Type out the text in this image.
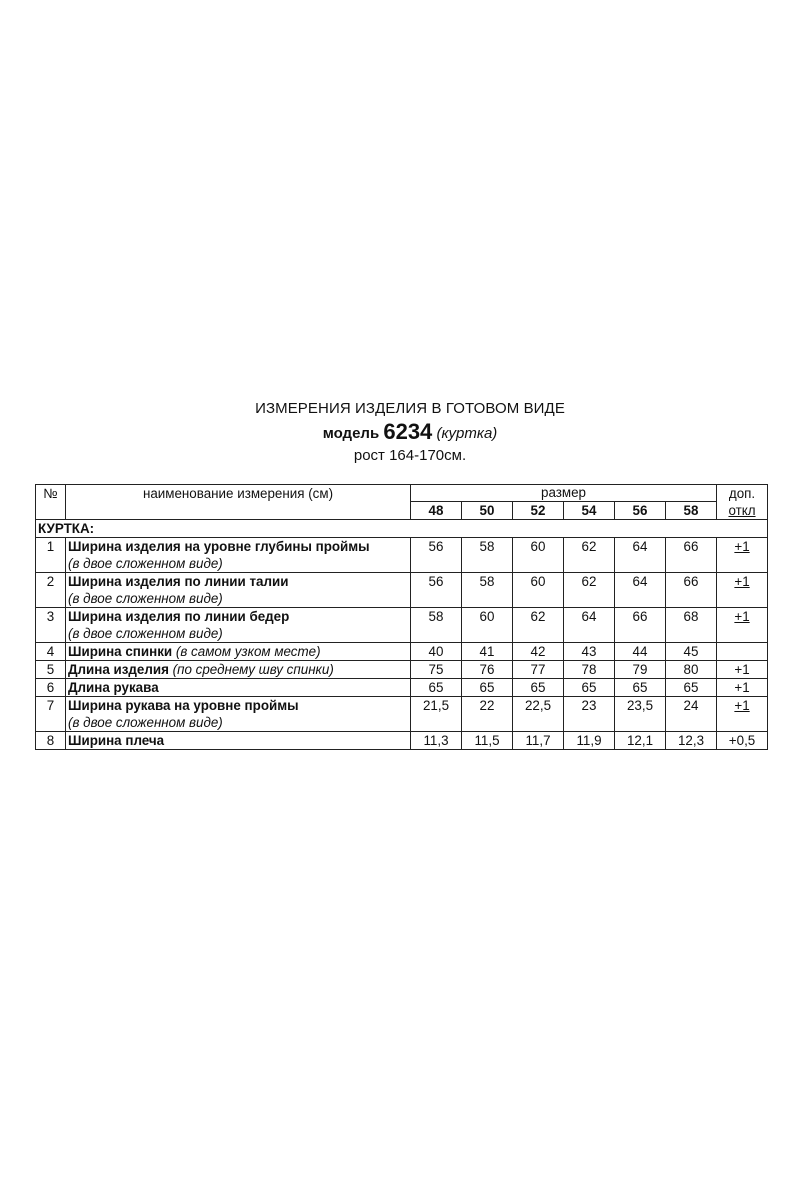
ИЗМЕРЕНИЯ ИЗДЕЛИЯ В ГОТОВОМ ВИДЕ
модель 6234 (куртка)
рост 164-170см.
№	наименование измерения (см)	размер						доп.
откл

		48	50	52	54	56	58	
КУРТКА:								
1	Ширина изделия на уровне глубины проймы
(в двое сложенном виде)	56	58	60	62	64	66	+1
2	Ширина изделия по линии талии
(в двое сложенном виде)	56	58	60	62	64	66	+1
3	Ширина изделия по линии бедер
(в двое сложенном виде)	58	60	62	64	66	68	+1
4	Ширина спинки (в самом узком месте)	40	41	42	43	44	45	
5	Длина изделия (по среднему шву спинки)	75	76	77	78	79	80	+1
6	Длина рукава	65	65	65	65	65	65	+1
7	Ширина рукава на уровне проймы
(в двое сложенном виде)	21,5	22	22,5	23	23,5	24	+1
8	Ширина плеча	11,3	11,5	11,7	11,9	12,1	12,3	+0,5
